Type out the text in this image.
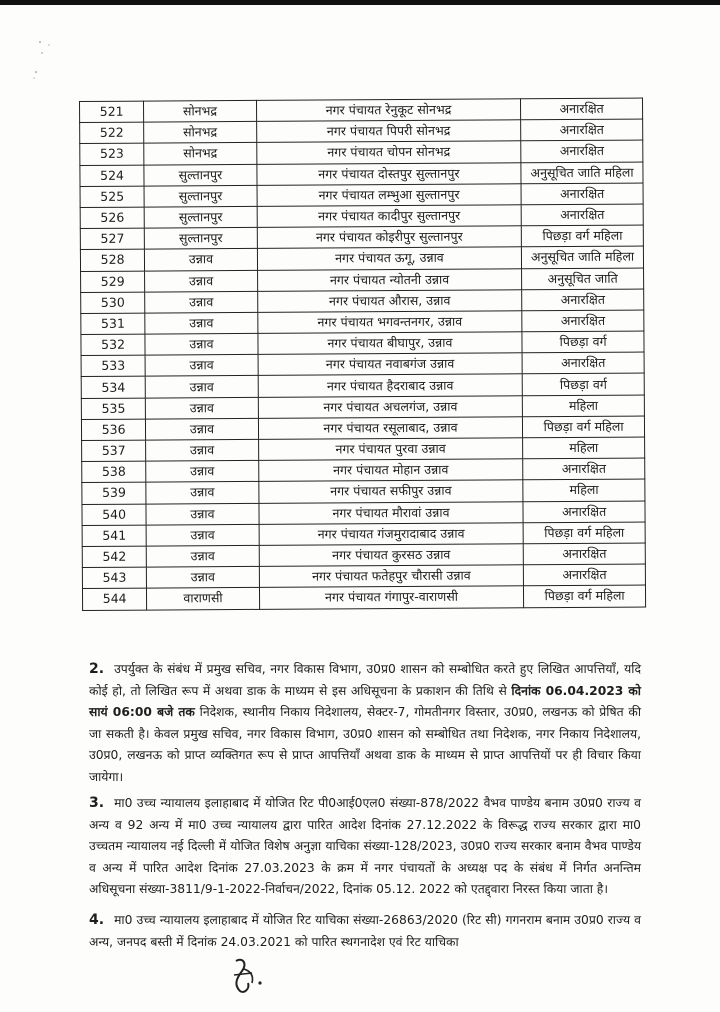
521	सोनभद्र	नगर पंचायत रेनुकूट सोनभद्र	अनारक्षित
522	सोनभद्र	नगर पंचायत पिपरी सोनभद्र	अनारक्षित
523	सोनभद्र	नगर पंचायत चोपन सोनभद्र	अनारक्षित
524	सुल्तानपुर	नगर पंचायत दोस्तपुर सुल्तानपुर	अनुसूचित जाति महिला
525	सुल्तानपुर	नगर पंचायत लम्भुआ सुल्तानपुर	अनारक्षित
526	सुल्तानपुर	नगर पंचायत कादीपुर सुल्तानपुर	अनारक्षित
527	सुल्तानपुर	नगर पंचायत कोइरीपुर सुल्तानपुर	पिछड़ा वर्ग महिला
528	उन्नाव	नगर पंचायत ऊगू, उन्नाव	अनुसूचित जाति महिला
529	उन्नाव	नगर पंचायत न्योतनी उन्नाव	अनुसूचित जाति
530	उन्नाव	नगर पंचायत औरास, उन्नाव	अनारक्षित
531	उन्नाव	नगर पंचायत भगवन्तनगर, उन्नाव	अनारक्षित
532	उन्नाव	नगर पंचायत बीघापुर, उन्नाव	पिछड़ा वर्ग
533	उन्नाव	नगर पंचायत नवाबगंज उन्नाव	अनारक्षित
534	उन्नाव	नगर पंचायत हैदराबाद उन्नाव	पिछड़ा वर्ग
535	उन्नाव	नगर पंचायत अचलगंज, उन्नाव	महिला
536	उन्नाव	नगर पंचायत रसूलाबाद, उन्नाव	पिछड़ा वर्ग महिला
537	उन्नाव	नगर पंचायत पुरवा उन्नाव	महिला
538	उन्नाव	नगर पंचायत मोहान उन्नाव	अनारक्षित
539	उन्नाव	नगर पंचायत सफीपुर उन्नाव	महिला
540	उन्नाव	नगर पंचायत मौरावां उन्नाव	अनारक्षित
541	उन्नाव	नगर पंचायत गंजमुरादाबाद उन्नाव	पिछड़ा वर्ग महिला
542	उन्नाव	नगर पंचायत कुरसठ उन्नाव	अनारक्षित
543	उन्नाव	नगर पंचायत फतेहपुर चौरासी उन्नाव	अनारक्षित
544	वाराणसी	नगर पंचायत गंगापुर-वाराणसी	पिछड़ा वर्ग महिला

2. उपर्युक्त के संबंध में प्रमुख सचिव, नगर विकास विभाग, उ0प्र0 शासन को सम्बोधित करते हुए लिखित आपत्तियाँ, यदि कोई हो, तो लिखित रूप में अथवा डाक के माध्यम से इस अधिसूचना के प्रकाशन की तिथि से दिनांक 06.04.2023 को सायं 06:00 बजे तक निदेशक, स्थानीय निकाय निदेशालय, सेक्टर-7, गोमतीनगर विस्तार, उ0प्र0, लखनऊ को प्रेषित की जा सकती है। केवल प्रमुख सचिव, नगर विकास विभाग, उ0प्र0 शासन को सम्बोधित तथा निदेशक, नगर निकाय निदेशालय, उ0प्र0, लखनऊ को प्राप्त व्यक्तिगत रूप से प्राप्त आपत्तियाँ अथवा डाक के माध्यम से प्राप्त आपत्तियों पर ही विचार किया जायेगा।

3. मा0 उच्च न्यायालय इलाहाबाद में योजित रिट पी0आई0एल0 संख्या-878/2022 वैभव पाण्डेय बनाम उ0प्र0 राज्य व अन्य व 92 अन्य में मा0 उच्च न्यायालय द्वारा पारित आदेश दिनांक 27.12.2022 के विरूद्ध राज्य सरकार द्वारा मा0 उच्चतम न्यायालय नई दिल्ली में योजित विशेष अनुज्ञा याचिका संख्या-128/2023, उ0प्र0 राज्य सरकार बनाम वैभव पाण्डेय व अन्य में पारित आदेश दिनांक 27.03.2023 के क्रम में नगर पंचायतों के अध्यक्ष पद के संबंध में निर्गत अनन्तिम अधिसूचना संख्या-3811/9-1-2022-निर्वाचन/2022, दिनांक 05.12. 2022 को एतद्द्वारा निरस्त किया जाता है।

4. मा0 उच्च न्यायालय इलाहाबाद में योजित रिट याचिका संख्या-26863/2020 (रिट सी) गगनराम बनाम उ0प्र0 राज्य व अन्य, जनपद बस्ती में दिनांक 24.03.2021 को पारित स्थगनादेश एवं रिट याचिका
